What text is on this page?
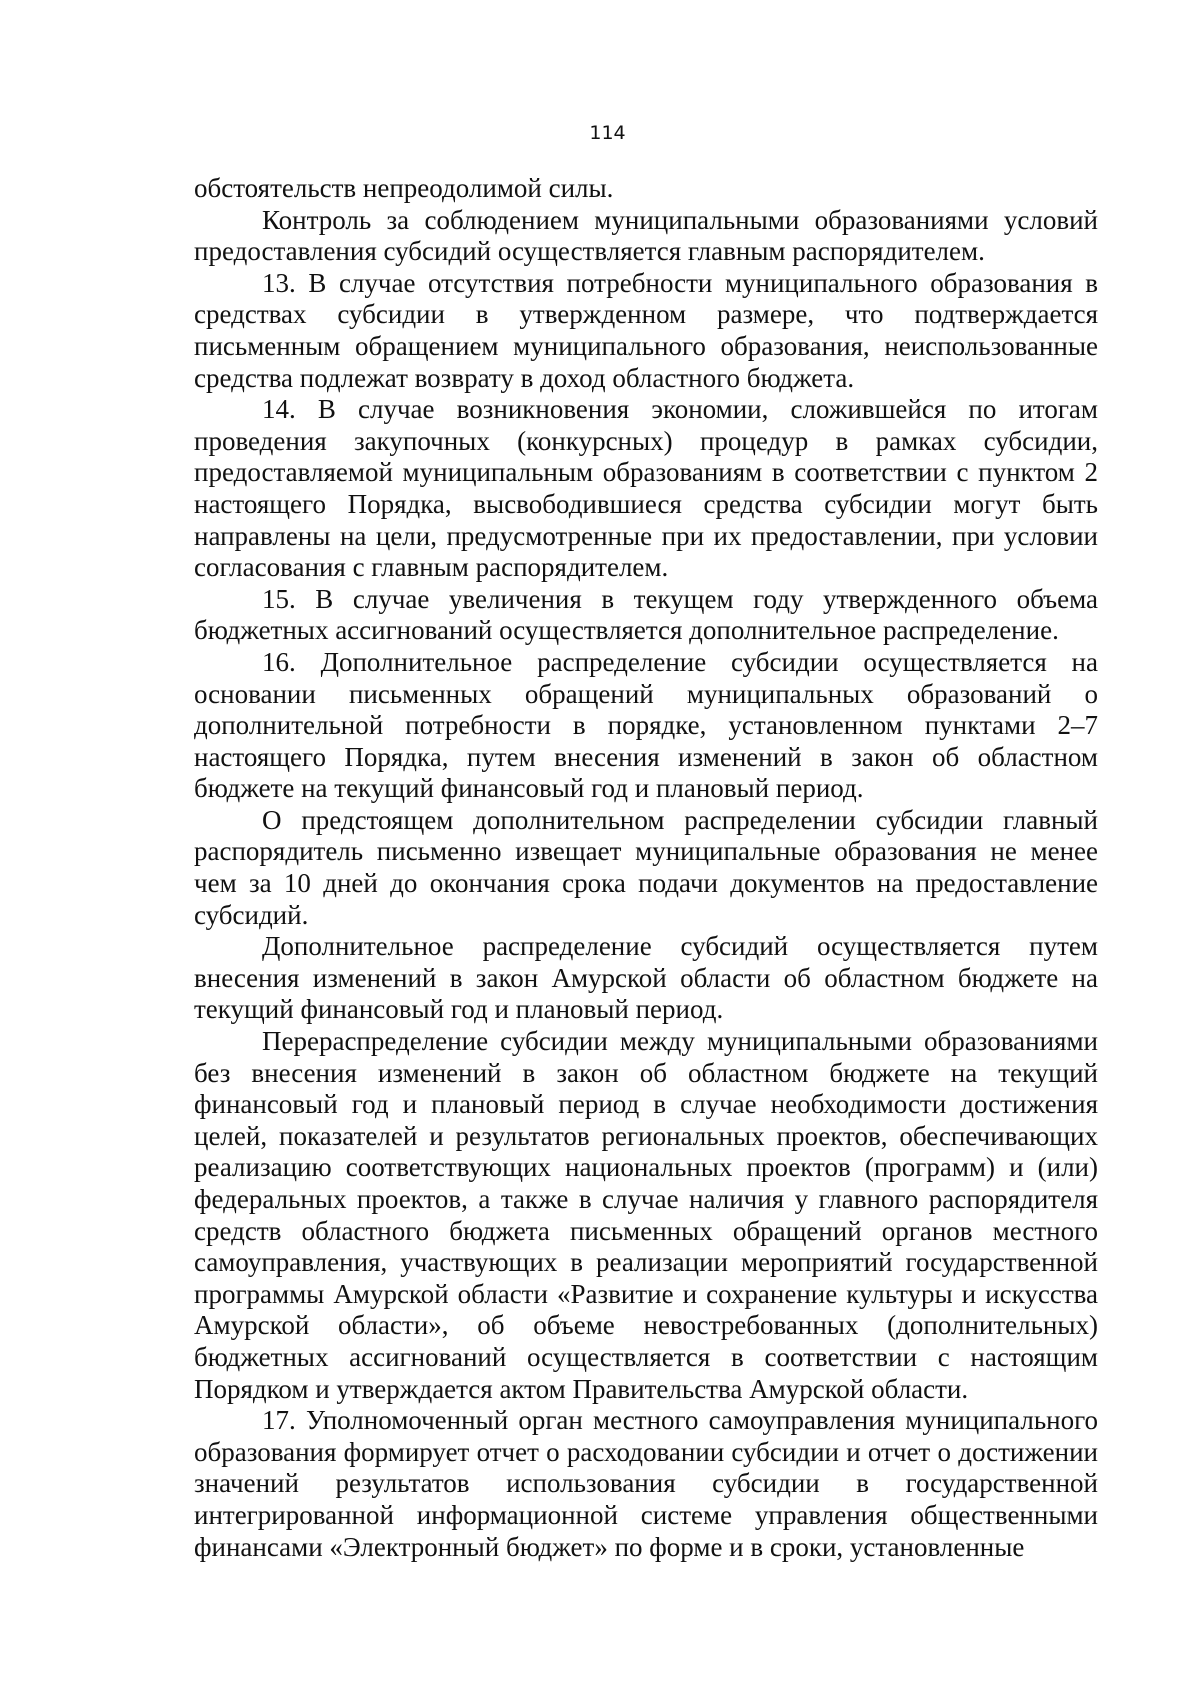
114

обстоятельств непреодолимой силы.

Контроль за соблюдением муниципальными образованиями условий предоставления субсидий осуществляется главным распорядителем.

13. В случае отсутствия потребности муниципального образования в средствах субсидии в утвержденном размере, что подтверждается письменным обращением муниципального образования, неиспользованные средства подлежат возврату в доход областного бюджета.

14. В случае возникновения экономии, сложившейся по итогам проведения закупочных (конкурсных) процедур в рамках субсидии, предоставляемой муниципальным образованиям в соответствии с пунктом 2 настоящего Порядка, высвободившиеся средства субсидии могут быть направлены на цели, предусмотренные при их предоставлении, при условии согласования с главным распорядителем.

15. В случае увеличения в текущем году утвержденного объема бюджетных ассигнований осуществляется дополнительное распределение.

16. Дополнительное распределение субсидии осуществляется на основании письменных обращений муниципальных образований о дополнительной потребности в порядке, установленном пунктами 2–7 настоящего Порядка, путем внесения изменений в закон об областном бюджете на текущий финансовый год и плановый период.

О предстоящем дополнительном распределении субсидии главный распорядитель письменно извещает муниципальные образования не менее чем за 10 дней до окончания срока подачи документов на предоставление субсидий.

Дополнительное распределение субсидий осуществляется путем внесения изменений в закон Амурской области об областном бюджете на текущий финансовый год и плановый период.

Перераспределение субсидии между муниципальными образованиями без внесения изменений в закон об областном бюджете на текущий финансовый год и плановый период в случае необходимости достижения целей, показателей и результатов региональных проектов, обеспечивающих реализацию соответствующих национальных проектов (программ) и (или) федеральных проектов, а также в случае наличия у главного распорядителя средств областного бюджета письменных обращений органов местного самоуправления, участвующих в реализации мероприятий государственной программы Амурской области «Развитие и сохранение культуры и искусства Амурской области», об объеме невостребованных (дополнительных) бюджетных ассигнований осуществляется в соответствии с настоящим Порядком и утверждается актом Правительства Амурской области.

17. Уполномоченный орган местного самоуправления муниципального образования формирует отчет о расходовании субсидии и отчет о достижении значений результатов использования субсидии в государственной интегрированной информационной системе управления общественными финансами «Электронный бюджет» по форме и в сроки, установленные
